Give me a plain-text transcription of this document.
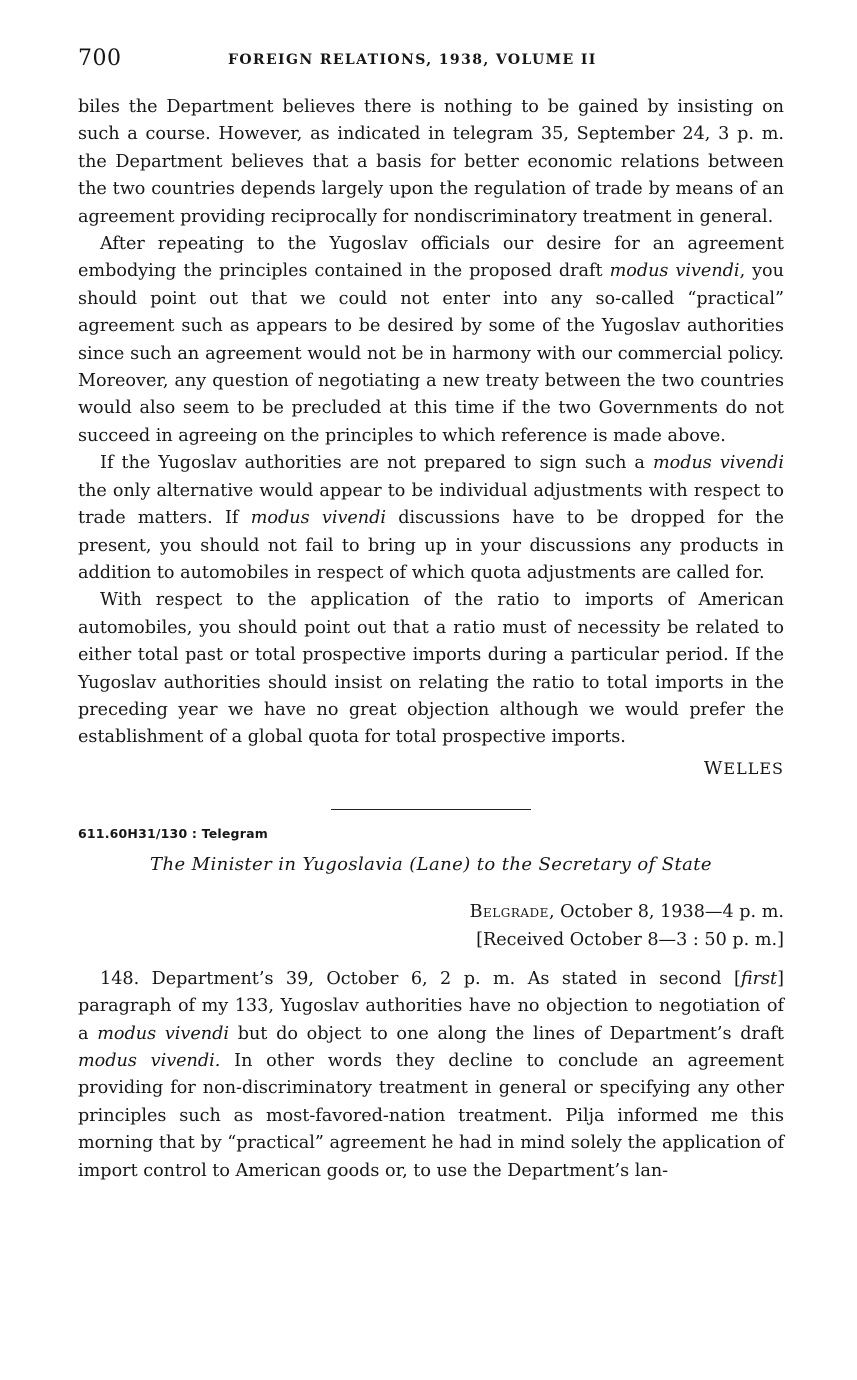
700	FOREIGN RELATIONS, 1938, VOLUME II

biles the Department believes there is nothing to be gained by insisting on such a course. However, as indicated in telegram 35, September 24, 3 p. m. the Department believes that a basis for better economic relations between the two countries depends largely upon the regulation of trade by means of an agreement providing reciprocally for nondiscriminatory treatment in general.

After repeating to the Yugoslav officials our desire for an agreement embodying the principles contained in the proposed draft modus vivendi, you should point out that we could not enter into any so-called “practical” agreement such as appears to be desired by some of the Yugoslav authorities since such an agreement would not be in harmony with our commercial policy. Moreover, any question of negotiating a new treaty between the two countries would also seem to be precluded at this time if the two Governments do not succeed in agreeing on the principles to which reference is made above.

If the Yugoslav authorities are not prepared to sign such a modus vivendi the only alternative would appear to be individual adjustments with respect to trade matters. If modus vivendi discussions have to be dropped for the present, you should not fail to bring up in your discussions any products in addition to automobiles in respect of which quota adjustments are called for.

With respect to the application of the ratio to imports of American automobiles, you should point out that a ratio must of necessity be related to either total past or total prospective imports during a particular period. If the Yugoslav authorities should insist on relating the ratio to total imports in the preceding year we have no great objection although we would prefer the establishment of a global quota for total prospective imports.

WELLES
611.60H31/130 : Telegram
The Minister in Yugoslavia (Lane) to the Secretary of State
Belgrade, October 8, 1938—4 p. m.
[Received October 8—3 : 50 p. m.]

148. Department’s 39, October 6, 2 p. m. As stated in second [first] paragraph of my 133, Yugoslav authorities have no objection to negotiation of a modus vivendi but do object to one along the lines of Department’s draft modus vivendi. In other words they decline to conclude an agreement providing for non-discriminatory treatment in general or specifying any other principles such as most-favored-nation treatment. Pilja informed me this morning that by “practical” agreement he had in mind solely the application of import control to American goods or, to use the Department’s lan-
